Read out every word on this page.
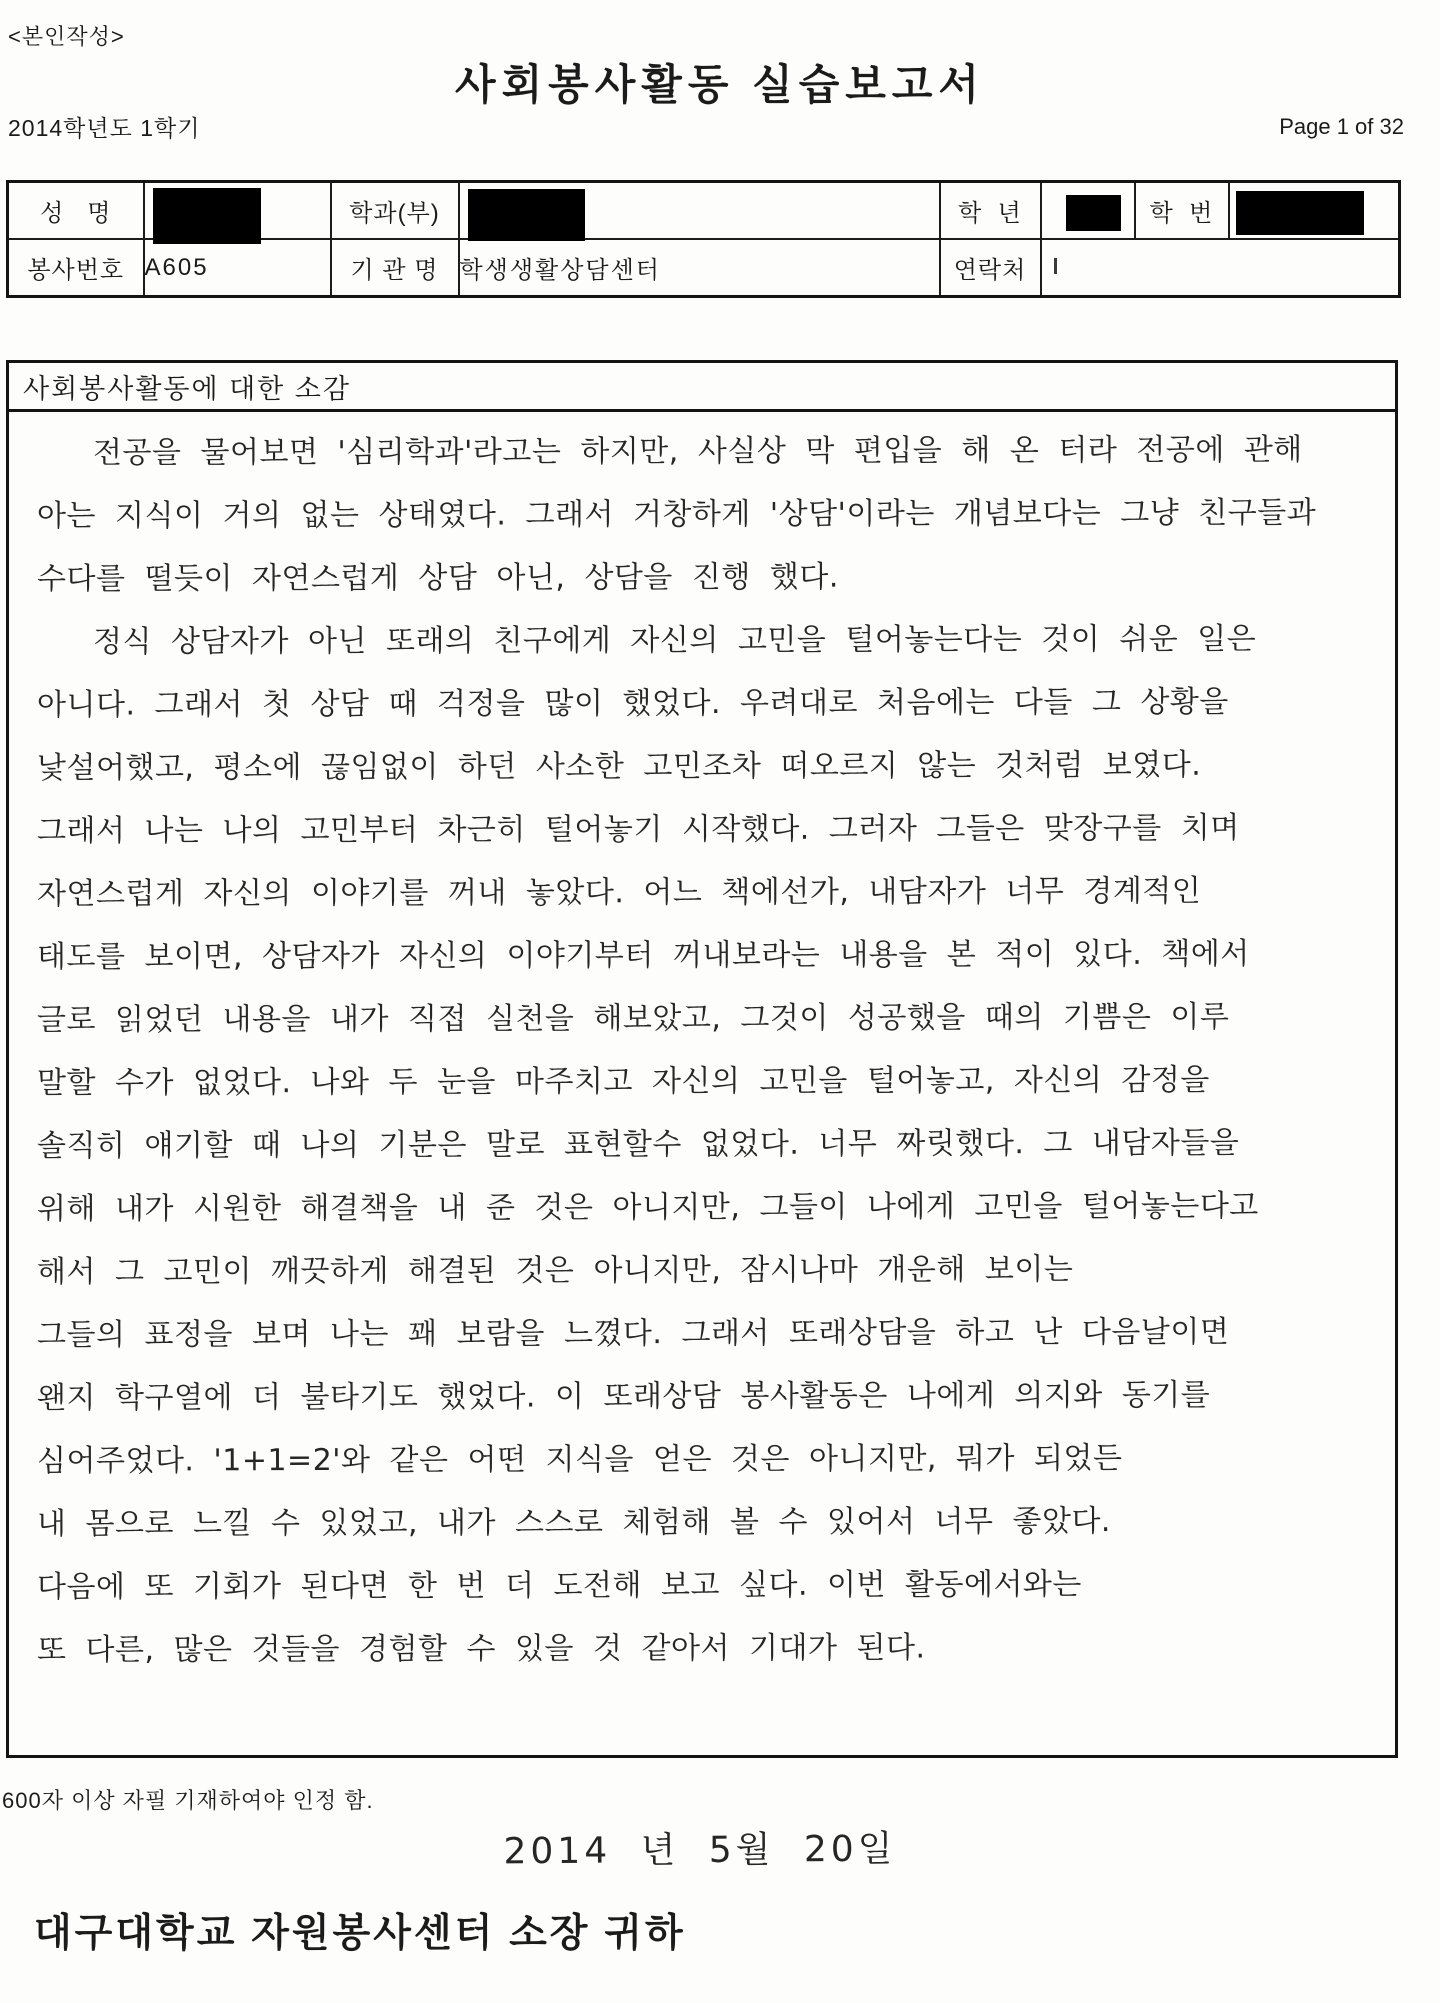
<본인작성>
사회봉사활동 실습보고서
2014학년도 1학기	Page 1 of 32
성   명		학과(부)		학  년		학  번	

봉사번호	A605	기 관 명	학생생활상담센터	연락처			
사회봉사활동에 대한 소감
전공을 물어보면 '심리학과'라고는 하지만, 사실상 막 편입을 해 온 터라 전공에 관해
아는 지식이 거의 없는 상태였다. 그래서 거창하게 '상담'이라는 개념보다는 그냥 친구들과
수다를 떨듯이 자연스럽게 상담 아닌, 상담을 진행 했다.
정식 상담자가 아닌 또래의 친구에게 자신의 고민을 털어놓는다는 것이 쉬운 일은
아니다. 그래서 첫 상담 때 걱정을 많이 했었다. 우려대로 처음에는 다들 그 상황을
낯설어했고, 평소에 끊임없이 하던 사소한 고민조차 떠오르지 않는 것처럼 보였다.
그래서 나는 나의 고민부터 차근히 털어놓기 시작했다. 그러자 그들은 맞장구를 치며
자연스럽게 자신의 이야기를 꺼내 놓았다. 어느 책에선가, 내담자가 너무 경계적인
태도를 보이면, 상담자가 자신의 이야기부터 꺼내보라는 내용을 본 적이 있다. 책에서
글로 읽었던 내용을 내가 직접 실천을 해보았고, 그것이 성공했을 때의 기쁨은 이루
말할 수가 없었다. 나와 두 눈을 마주치고 자신의 고민을 털어놓고, 자신의 감정을
솔직히 얘기할 때 나의 기분은 말로 표현할수 없었다. 너무 짜릿했다. 그 내담자들을
위해 내가 시원한 해결책을 내 준 것은 아니지만, 그들이 나에게 고민을 털어놓는다고
해서 그 고민이 깨끗하게 해결된 것은 아니지만, 잠시나마 개운해 보이는
그들의 표정을 보며 나는 꽤 보람을 느꼈다. 그래서 또래상담을 하고 난 다음날이면
왠지 학구열에 더 불타기도 했었다. 이 또래상담 봉사활동은 나에게 의지와 동기를
심어주었다. '1+1=2'와 같은 어떤 지식을 얻은 것은 아니지만, 뭐가 되었든
내 몸으로 느낄 수 있었고, 내가 스스로 체험해 볼 수 있어서 너무 좋았다.
다음에 또 기회가 된다면 한 번 더 도전해 보고 싶다. 이번 활동에서와는
또 다른, 많은 것들을 경험할 수 있을 것 같아서 기대가 된다.
600자 이상 자필 기재하여야 인정 함.
2014 년 5월 20일
대구대학교 자원봉사센터 소장 귀하
